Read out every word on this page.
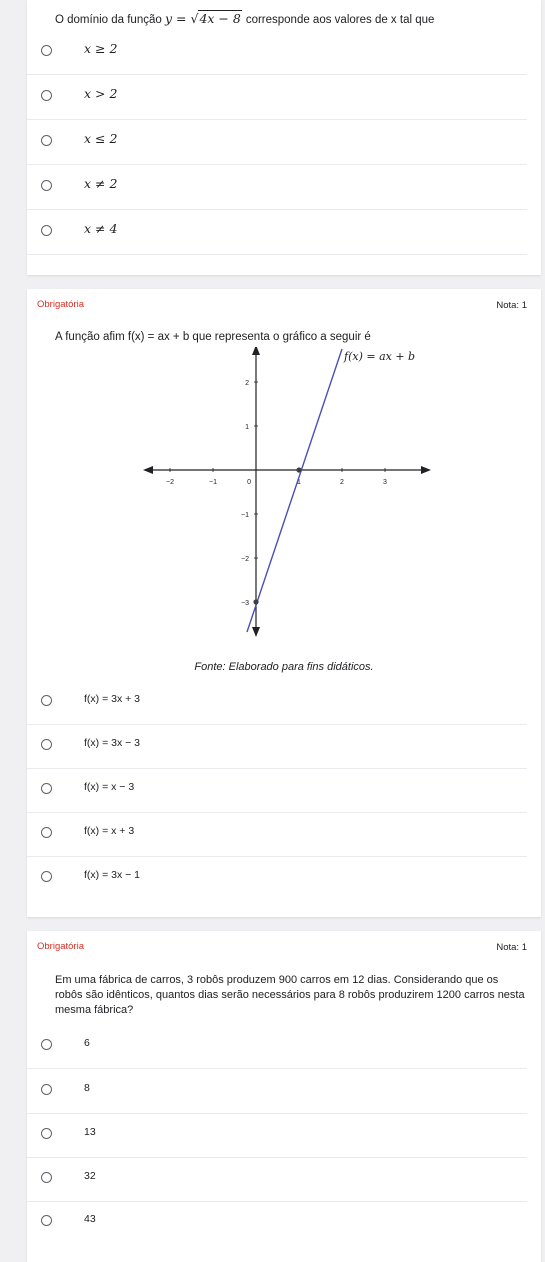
O domínio da função y = √4x − 8 corresponde aos valores de x tal que
x ≥ 2
x > 2
x ≤ 2
x ≠ 2
x ≠ 4
Obrigatória	Nota: 1
A função afim f(x) = ax + b que representa o gráfico a seguir é
−2	−1	0	1	2	3
2
1
−1
−2
−3
f(x) = ax + b
Fonte: Elaborado para fins didáticos.
f(x) = 3x + 3
f(x) = 3x − 3
f(x) = x − 3
f(x) = x + 3
f(x) = 3x − 1
Obrigatória	Nota: 1
Em uma fábrica de carros, 3 robôs produzem 900 carros em 12 dias. Considerando que os robôs são idênticos, quantos dias serão necessários para 8 robôs produzirem 1200 carros nesta mesma fábrica?
6
8
13
32
43
